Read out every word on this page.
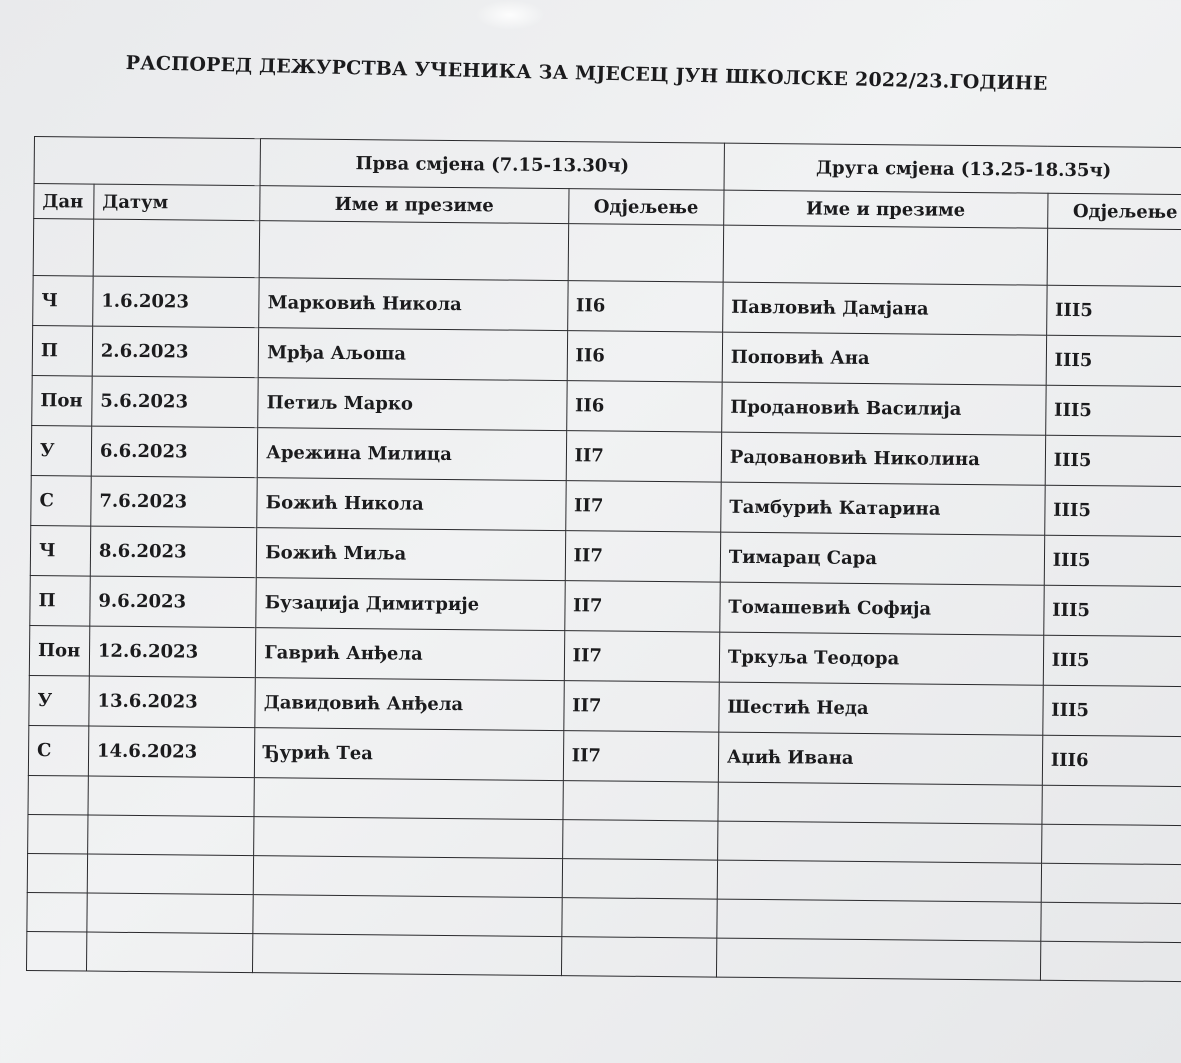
РАСПОРЕД ДЕЖУРСТВА УЧЕНИКА ЗА МЈЕСЕЦ ЈУН ШКОЛСКЕ 2022/23.ГОДИНЕ
		Прва смјена (7.15-13.30ч)		Друга смјена (13.25-18.35ч)	
Дан	Датум	Име и презиме	Одјељење	Име и презиме	Одјељење

Ч	1.6.2023	Марковић Никола	II6	Павловић Дамјана	III5
П	2.6.2023	Мрђа Аљоша	II6	Поповић Ана	III5
Пон	5.6.2023	Петиљ Марко	II6	Продановић Василија	III5
У	6.6.2023	Арежина Милица	II7	Радовановић Николина	III5
С	7.6.2023	Божић Никола	II7	Тамбурић Катарина	III5
Ч	8.6.2023	Божић Миља	II7	Тимарац Сара	III5
П	9.6.2023	Бузаџија Димитрије	II7	Томашевић Софија	III5
Пон	12.6.2023	Гаврић Анђела	II7	Тркуља Теодора	III5
У	13.6.2023	Давидовић Анђела	II7	Шестић Неда	III5
С	14.6.2023	Ђурић Теа	II7	Аџић Ивана	III6
